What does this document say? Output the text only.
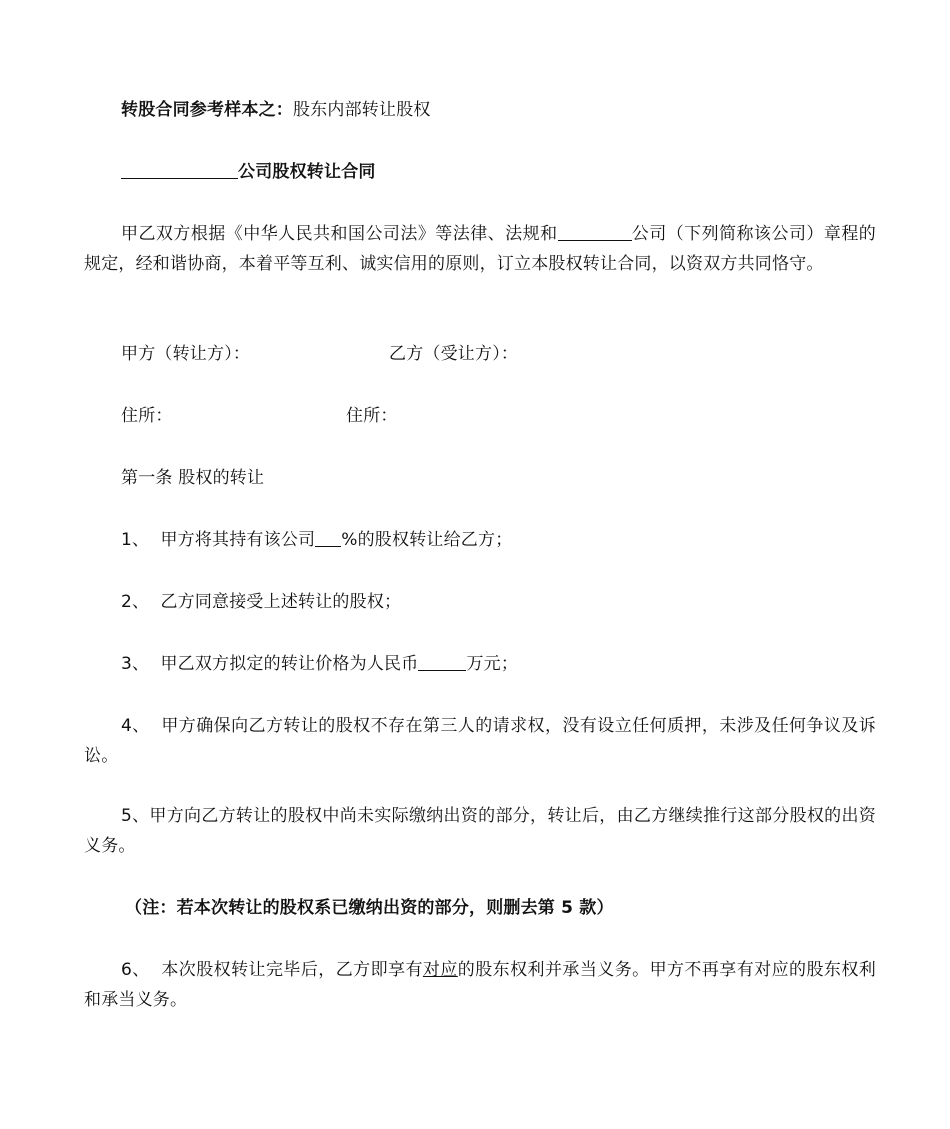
转股合同参考样本之：股东内部转让股权
公司股权转让合同
甲乙双方根据《中华人民共和国公司法》等法律、法规和	公司（下列简称该公司）章程的规定，经和谐协商，本着平等互利、诚实信用的原则，订立本股权转让合同，以资双方共同恪守。
甲方（转让方）：	乙方（受让方）：
住所：	住所：
第一条 股权的转让
1、 甲方将其持有该公司 %的股权转让给乙方；
2、 乙方同意接受上述转让的股权；
3、 甲乙双方拟定的转让价格为人民币	万元；
4、 甲方确保向乙方转让的股权不存在第三人的请求权，没有设立任何质押，未涉及任何争议及诉讼。
5、甲方向乙方转让的股权中尚未实际缴纳出资的部分，转让后，由乙方继续推行这部分股权的出资义务。
（注：若本次转让的股权系已缴纳出资的部分，则删去第 5 款）
6、 本次股权转让完毕后，乙方即享有对应的股东权利并承当义务。甲方不再享有对应的股东权利和承当义务。
